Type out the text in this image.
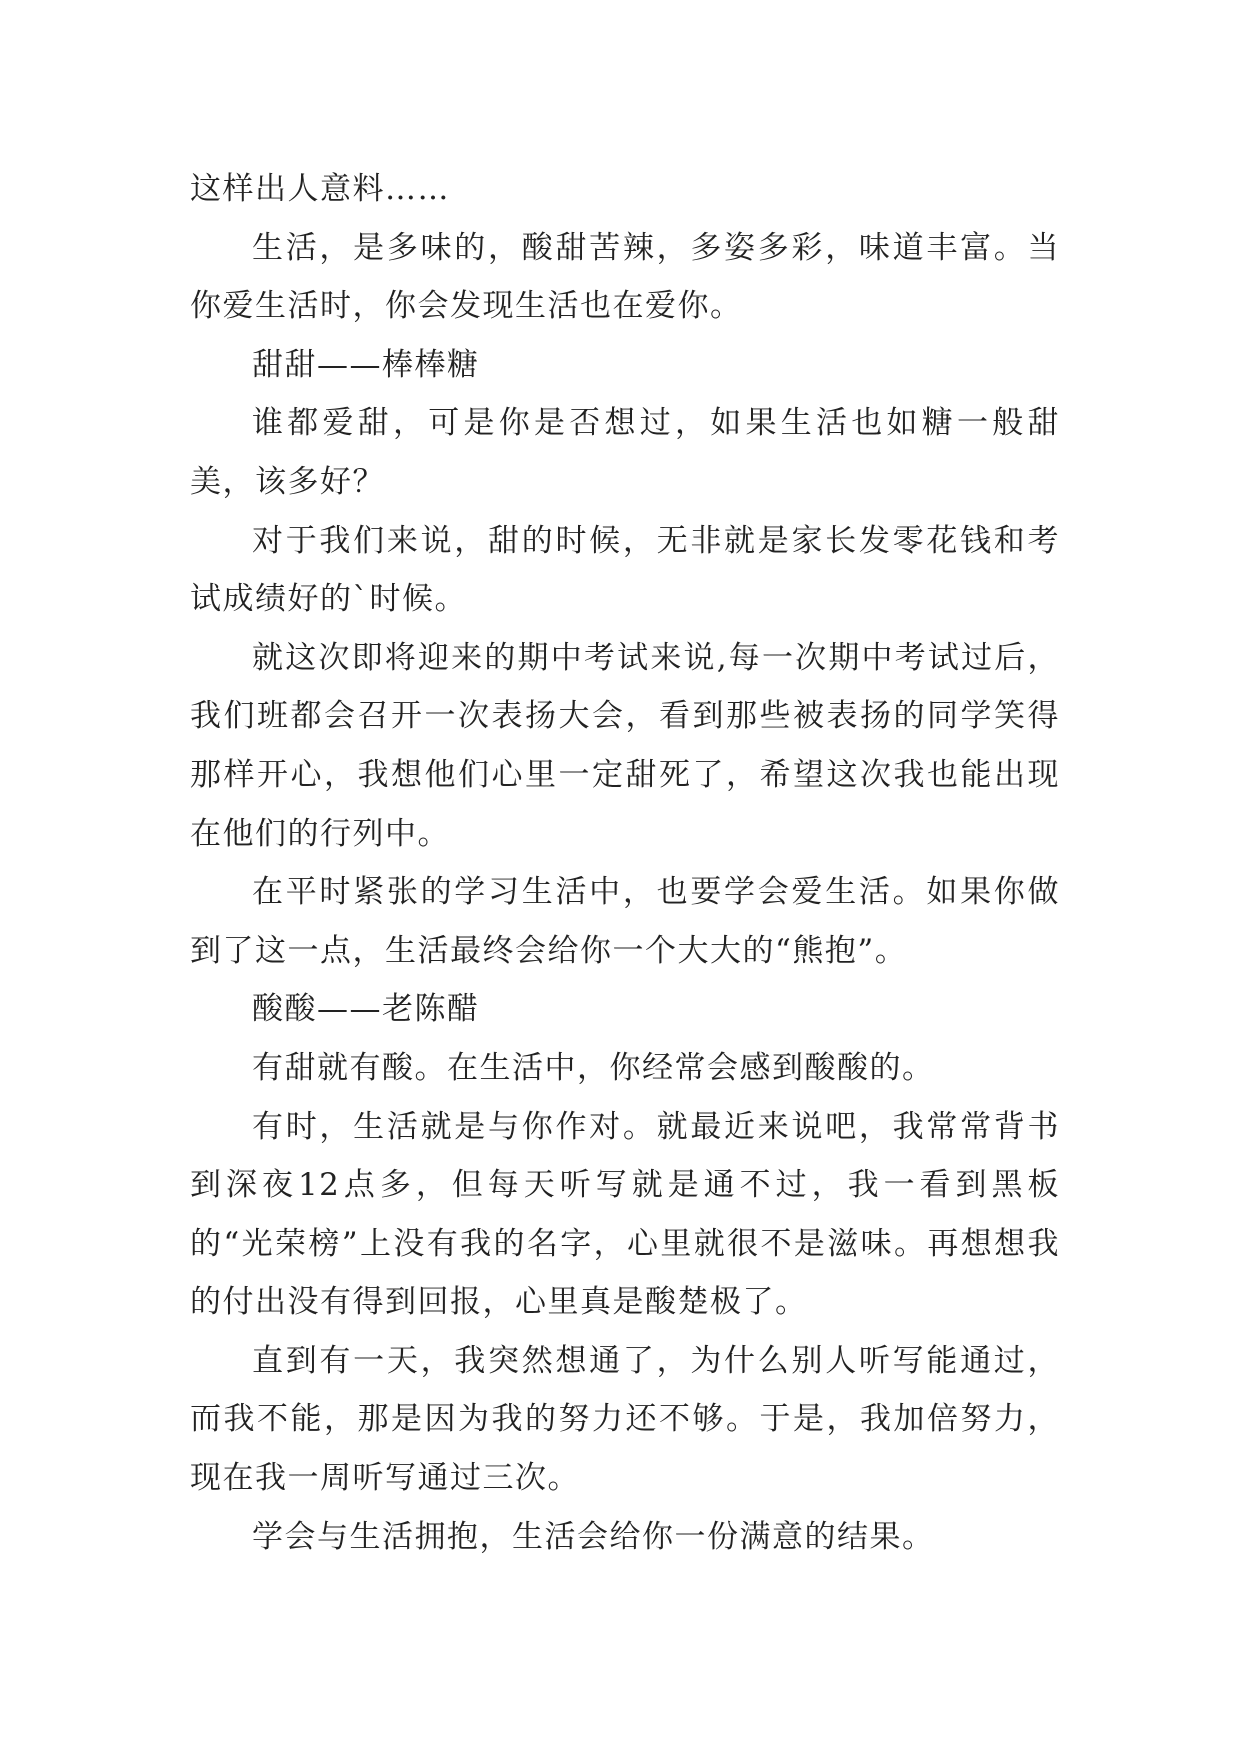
这样出人意料……

生活，是多味的，酸甜苦辣，多姿多彩，味道丰富。当你爱生活时，你会发现生活也在爱你。

甜甜——棒棒糖

谁都爱甜，可是你是否想过，如果生活也如糖一般甜美，该多好？

对于我们来说，甜的时候，无非就是家长发零花钱和考试成绩好的`时候。

就这次即将迎来的期中考试来说,每一次期中考试过后，我们班都会召开一次表扬大会，看到那些被表扬的同学笑得那样开心，我想他们心里一定甜死了，希望这次我也能出现在他们的行列中。

在平时紧张的学习生活中，也要学会爱生活。如果你做到了这一点，生活最终会给你一个大大的“熊抱”。

酸酸——老陈醋

有甜就有酸。在生活中，你经常会感到酸酸的。

有时，生活就是与你作对。就最近来说吧，我常常背书到深夜12点多，但每天听写就是通不过，我一看到黑板的“光荣榜”上没有我的名字，心里就很不是滋味。再想想我的付出没有得到回报，心里真是酸楚极了。

直到有一天，我突然想通了，为什么别人听写能通过，而我不能，那是因为我的努力还不够。于是，我加倍努力，现在我一周听写通过三次。

学会与生活拥抱，生活会给你一份满意的结果。
